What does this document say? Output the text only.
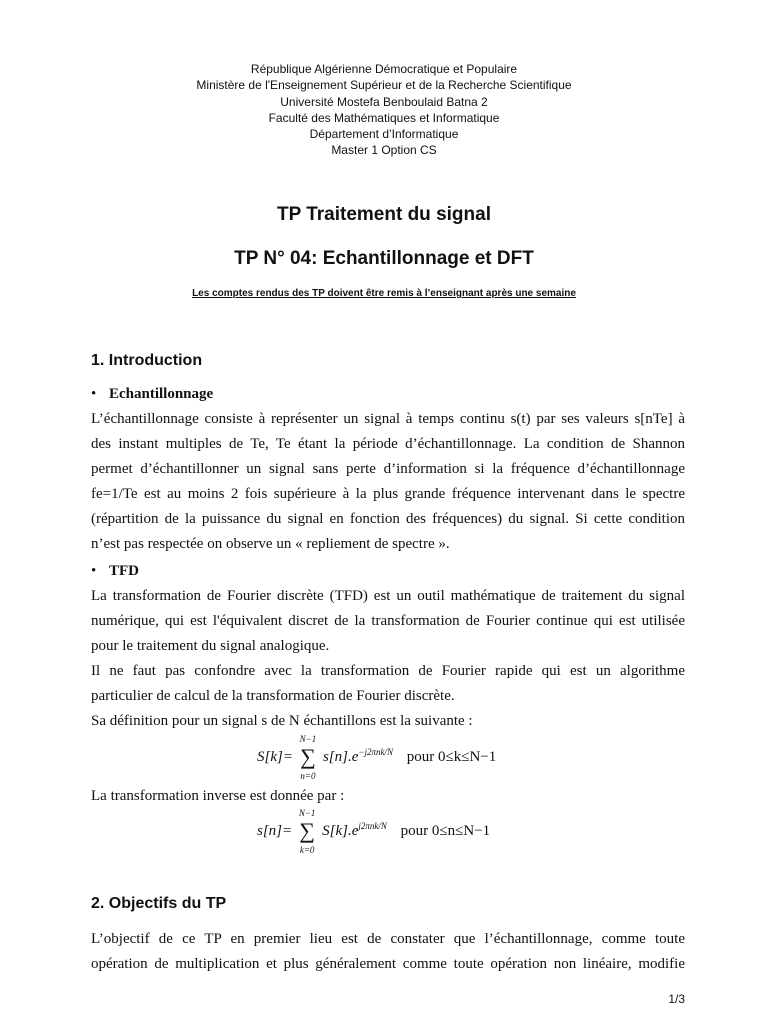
République Algérienne Démocratique et Populaire
Ministère de l'Enseignement Supérieur et de la Recherche Scientifique
Université Mostefa Benboulaid Batna 2
Faculté des Mathématiques et Informatique
Département d’Informatique
Master 1 Option CS
TP Traitement du signal
TP N° 04: Echantillonnage et DFT
Les comptes rendus des TP doivent être remis à l’enseignant après une semaine
1. Introduction
• Echantillonnage
L’échantillonnage consiste à représenter un signal à temps continu s(t) par ses valeurs s[nTe] à
des instant multiples de Te, Te étant la période d’échantillonnage. La condition de Shannon
permet d’échantillonner un signal sans perte d’information si la fréquence d’échantillonnage
fe=1/Te est au moins 2 fois supérieure à la plus grande fréquence intervenant dans le spectre
(répartition de la puissance du signal en fonction des fréquences) du signal. Si cette condition
n’est pas respectée on observe un « repliement de spectre ».
• TFD
La transformation de Fourier discrète (TFD) est un outil mathématique de traitement du signal
numérique, qui est l'équivalent discret de la transformation de Fourier continue qui est utilisée
pour le traitement du signal analogique.
Il ne faut pas confondre avec la transformation de Fourier rapide qui est un algorithme
particulier de calcul de la transformation de Fourier discrète.
Sa définition pour un signal s de N échantillons est la suivante :
S[k]=
N−1
∑
n=0
$s[n].e^{-j2\pi nk/N}$ pour 0≤k≤N−1
La transformation inverse est donnée par :
s[n]=
N−1
∑
k=0
$S[k].e^{j2\pi nk/N}$ pour 0≤n≤N−1
2. Objectifs du TP
L’objectif de ce TP en premier lieu est de constater que l’échantillonnage, comme toute
opération de multiplication et plus généralement comme toute opération non linéaire, modifie
1/3
